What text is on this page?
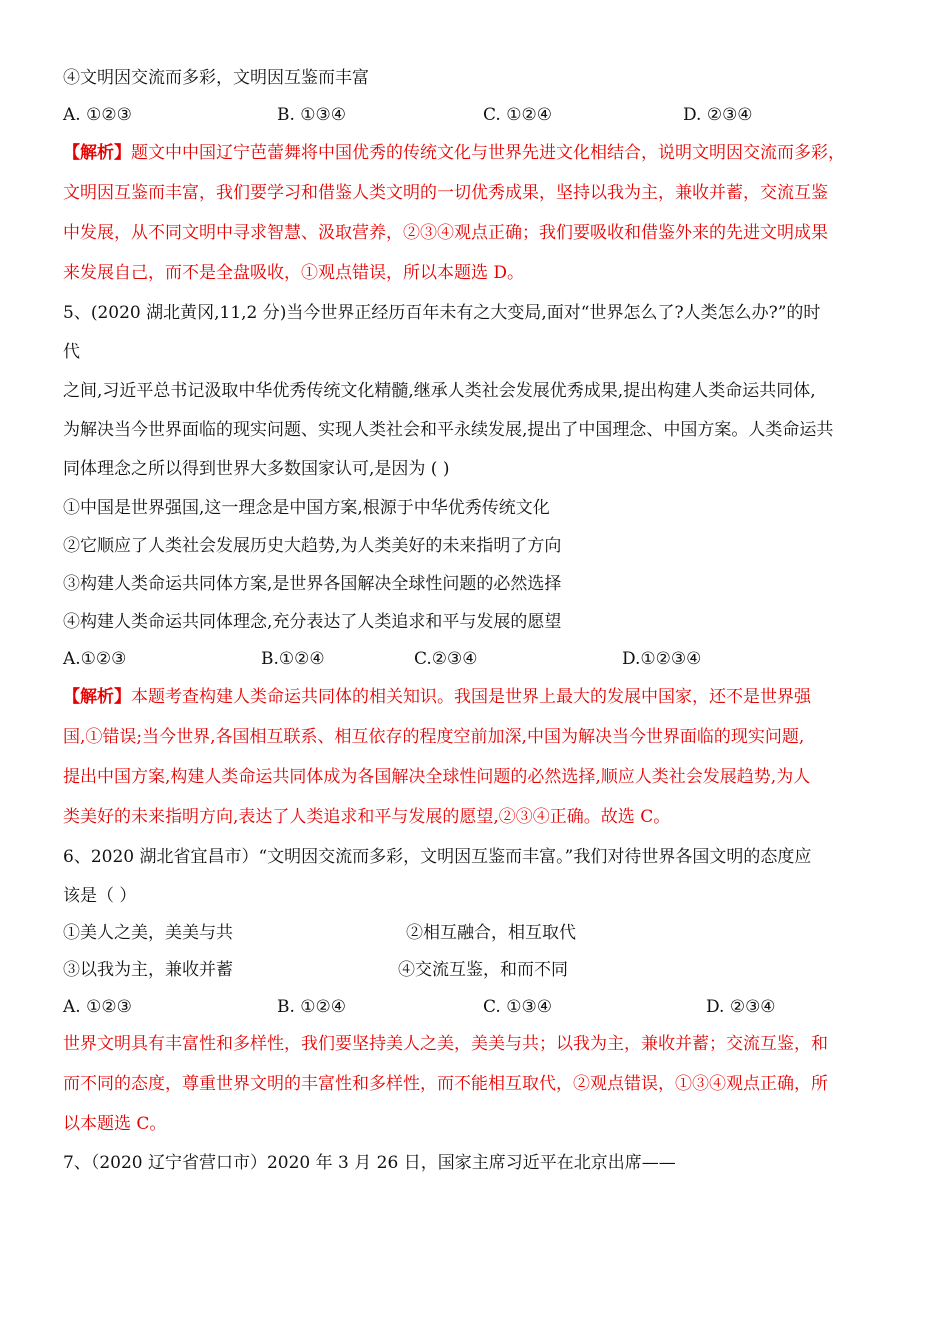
④文明因交流而多彩，文明因互鉴而丰富
A. ①②③	B. ①③④	C. ①②④	D. ②③④
【解析】题文中中国辽宁芭蕾舞将中国优秀的传统文化与世界先进文化相结合，说明文明因交流而多彩，
文明因互鉴而丰富，我们要学习和借鉴人类文明的一切优秀成果，坚持以我为主，兼收并蓄，交流互鉴
中发展，从不同文明中寻求智慧、汲取营养，②③④观点正确；我们要吸收和借鉴外来的先进文明成果
来发展自己，而不是全盘吸收，①观点错误，所以本题选 D。
5、(2020 湖北黄冈,11,2 分)当今世界正经历百年未有之大变局,面对“世界怎么了?人类怎么办?”的时
代
之间,习近平总书记汲取中华优秀传统文化精髓,继承人类社会发展优秀成果,提出构建人类命运共同体,
为解决当今世界面临的现实问题、实现人类社会和平永续发展,提出了中国理念、中国方案。人类命运共
同体理念之所以得到世界大多数国家认可,是因为 ( )
①中国是世界强国,这一理念是中国方案,根源于中华优秀传统文化
②它顺应了人类社会发展历史大趋势,为人类美好的未来指明了方向
③构建人类命运共同体方案,是世界各国解决全球性问题的必然选择
④构建人类命运共同体理念,充分表达了人类追求和平与发展的愿望
A.①②③	B.①②④	C.②③④	D.①②③④
【解析】本题考查构建人类命运共同体的相关知识。我国是世界上最大的发展中国家，还不是世界强
国,①错误;当今世界,各国相互联系、相互依存的程度空前加深,中国为解决当今世界面临的现实问题,
提出中国方案,构建人类命运共同体成为各国解决全球性问题的必然选择,顺应人类社会发展趋势,为人
类美好的未来指明方向,表达了人类追求和平与发展的愿望,②③④正确。故选 C。
6、2020 湖北省宜昌市）“文明因交流而多彩，文明因互鉴而丰富。”我们对待世界各国文明的态度应
该是（ ）
①美人之美，美美与共	②相互融合，相互取代
③以我为主，兼收并蓄	④交流互鉴，和而不同
A. ①②③	B. ①②④	C. ①③④	D. ②③④
世界文明具有丰富性和多样性，我们要坚持美人之美，美美与共；以我为主，兼收并蓄；交流互鉴，和
而不同的态度，尊重世界文明的丰富性和多样性，而不能相互取代，②观点错误，①③④观点正确，所
以本题选 C。
7、（2020 辽宁省营口市）2020 年 3 月 26 日，国家主席习近平在北京出席——
